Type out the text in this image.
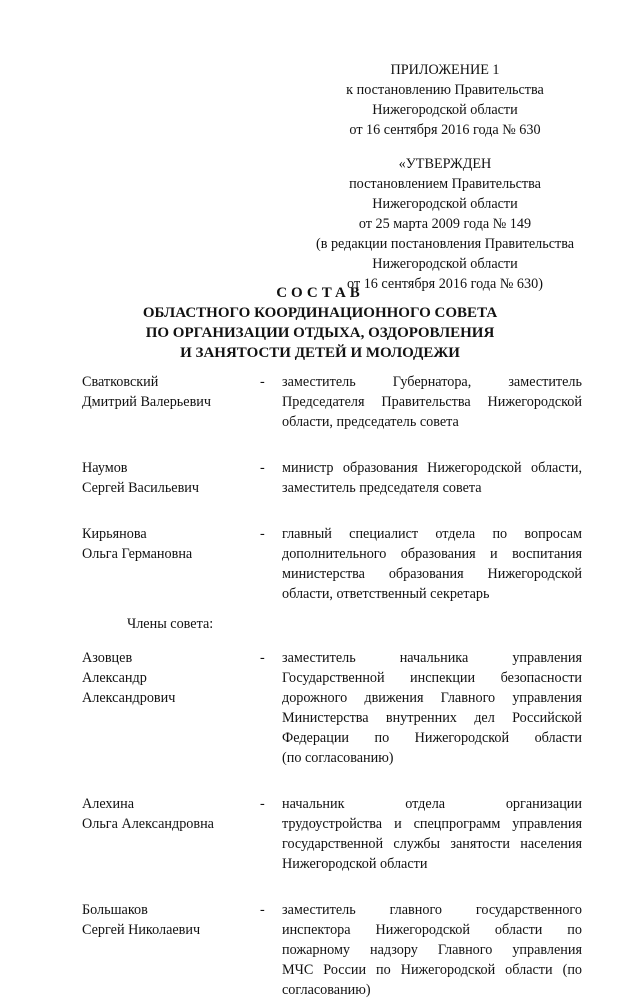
ПРИЛОЖЕНИЕ 1
к постановлению Правительства
Нижегородской области
от 16 сентября 2016 года № 630
«УТВЕРЖДЕН
постановлением Правительства
Нижегородской области
от 25 марта 2009 года № 149
(в редакции постановления Правительства
Нижегородской области
от 16 сентября 2016 года № 630)
СОСТАВ
ОБЛАСТНОГО КООРДИНАЦИОННОГО СОВЕТА
ПО ОРГАНИЗАЦИИ ОТДЫХА, ОЗДОРОВЛЕНИЯ
И ЗАНЯТОСТИ ДЕТЕЙ И МОЛОДЕЖИ
Сватковский
Дмитрий Валерьевич
-	заместитель Губернатора, заместитель
Председателя Правительства Нижегородской
области, председатель совета
Наумов
Сергей Васильевич
-	министр образования Нижегородской области,
заместитель председателя совета
Кирьянова
Ольга Германовна
-	главный специалист отдела по вопросам
дополнительного образования и воспитания
министерства образования Нижегородской
области, ответственный секретарь
Члены совета:
Азовцев
Александр
Александрович
-	заместитель начальника управления
Государственной инспекции безопасности
дорожного движения Главного управления
Министерства внутренних дел Российской
Федерации по Нижегородской области
(по согласованию)
Алехина
Ольга Александровна
-	начальник отдела организации
трудоустройства и спецпрограмм управления
государственной службы занятости населения
Нижегородской области
Большаков
Сергей Николаевич
-	заместитель главного государственного
инспектора Нижегородской области по
пожарному надзору Главного управления
МЧС России по Нижегородской области (по
согласованию)
